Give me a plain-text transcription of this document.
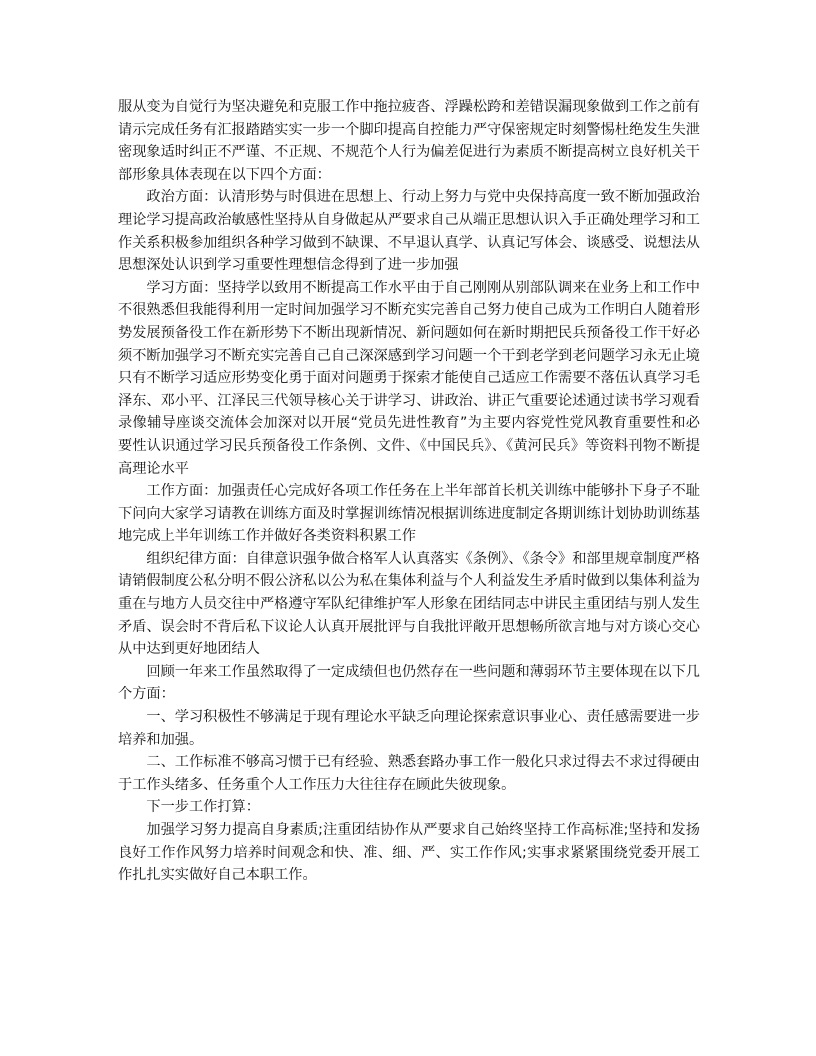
服从变为自觉行为坚决避免和克服工作中拖拉疲沓、浮躁松跨和差错误漏现象做到工作之前有请示完成任务有汇报踏踏实实一步一个脚印提高自控能力严守保密规定时刻警惕杜绝发生失泄密现象适时纠正不严谨、不正规、不规范个人行为偏差促进行为素质不断提高树立良好机关干部形象具体表现在以下四个方面：

政治方面：认清形势与时俱进在思想上、行动上努力与党中央保持高度一致不断加强政治理论学习提高政治敏感性坚持从自身做起从严要求自己从端正思想认识入手正确处理学习和工作关系积极参加组织各种学习做到不缺课、不早退认真学、认真记写体会、谈感受、说想法从思想深处认识到学习重要性理想信念得到了进一步加强

学习方面：坚持学以致用不断提高工作水平由于自己刚刚从别部队调来在业务上和工作中不很熟悉但我能得利用一定时间加强学习不断充实完善自己努力使自己成为工作明白人随着形势发展预备役工作在新形势下不断出现新情况、新问题如何在新时期把民兵预备役工作干好必须不断加强学习不断充实完善自己自己深深感到学习问题一个干到老学到老问题学习永无止境只有不断学习适应形势变化勇于面对问题勇于探索才能使自己适应工作需要不落伍认真学习毛泽东、邓小平、江泽民三代领导核心关于讲学习、讲政治、讲正气重要论述通过读书学习观看录像辅导座谈交流体会加深对以开展“党员先进性教育”为主要内容党性党风教育重要性和必要性认识通过学习民兵预备役工作条例、文件、《中国民兵》、《黄河民兵》等资料刊物不断提高理论水平

工作方面：加强责任心完成好各项工作任务在上半年部首长机关训练中能够扑下身子不耻下问向大家学习请教在训练方面及时掌握训练情况根据训练进度制定各期训练计划协助训练基地完成上半年训练工作并做好各类资料积累工作

组织纪律方面：自律意识强争做合格军人认真落实《条例》、《条令》和部里规章制度严格请销假制度公私分明不假公济私以公为私在集体利益与个人利益发生矛盾时做到以集体利益为重在与地方人员交往中严格遵守军队纪律维护军人形象在团结同志中讲民主重团结与别人发生矛盾、误会时不背后私下议论人认真开展批评与自我批评敞开思想畅所欲言地与对方谈心交心从中达到更好地团结人

回顾一年来工作虽然取得了一定成绩但也仍然存在一些问题和薄弱环节主要体现在以下几个方面：

一、学习积极性不够满足于现有理论水平缺乏向理论探索意识事业心、责任感需要进一步培养和加强。

二、工作标准不够高习惯于已有经验、熟悉套路办事工作一般化只求过得去不求过得硬由于工作头绪多、任务重个人工作压力大往往存在顾此失彼现象。

下一步工作打算：

加强学习努力提高自身素质;注重团结协作从严要求自己始终坚持工作高标准;坚持和发扬良好工作作风努力培养时间观念和快、准、细、严、实工作作风;实事求紧紧围绕党委开展工作扎扎实实做好自己本职工作。
